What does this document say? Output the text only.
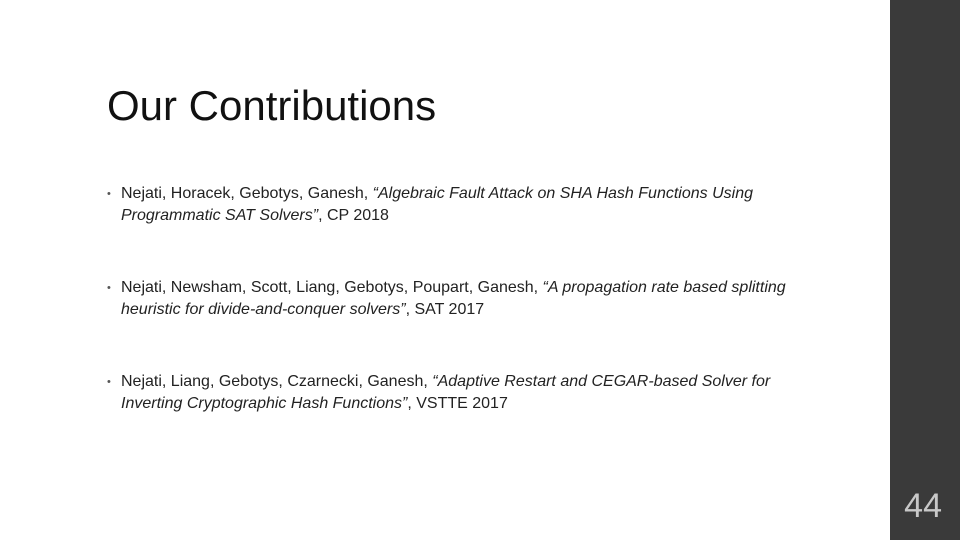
Our Contributions
• Nejati, Horacek, Gebotys, Ganesh, “Algebraic Fault Attack on SHA Hash Functions Using Programmatic SAT Solvers”, CP 2018
• Nejati, Newsham, Scott, Liang, Gebotys, Poupart, Ganesh, “A propagation rate based splitting heuristic for divide-and-conquer solvers”, SAT 2017
• Nejati, Liang, Gebotys, Czarnecki, Ganesh, “Adaptive Restart and CEGAR-based Solver for Inverting Cryptographic Hash Functions”, VSTTE 2017
44
